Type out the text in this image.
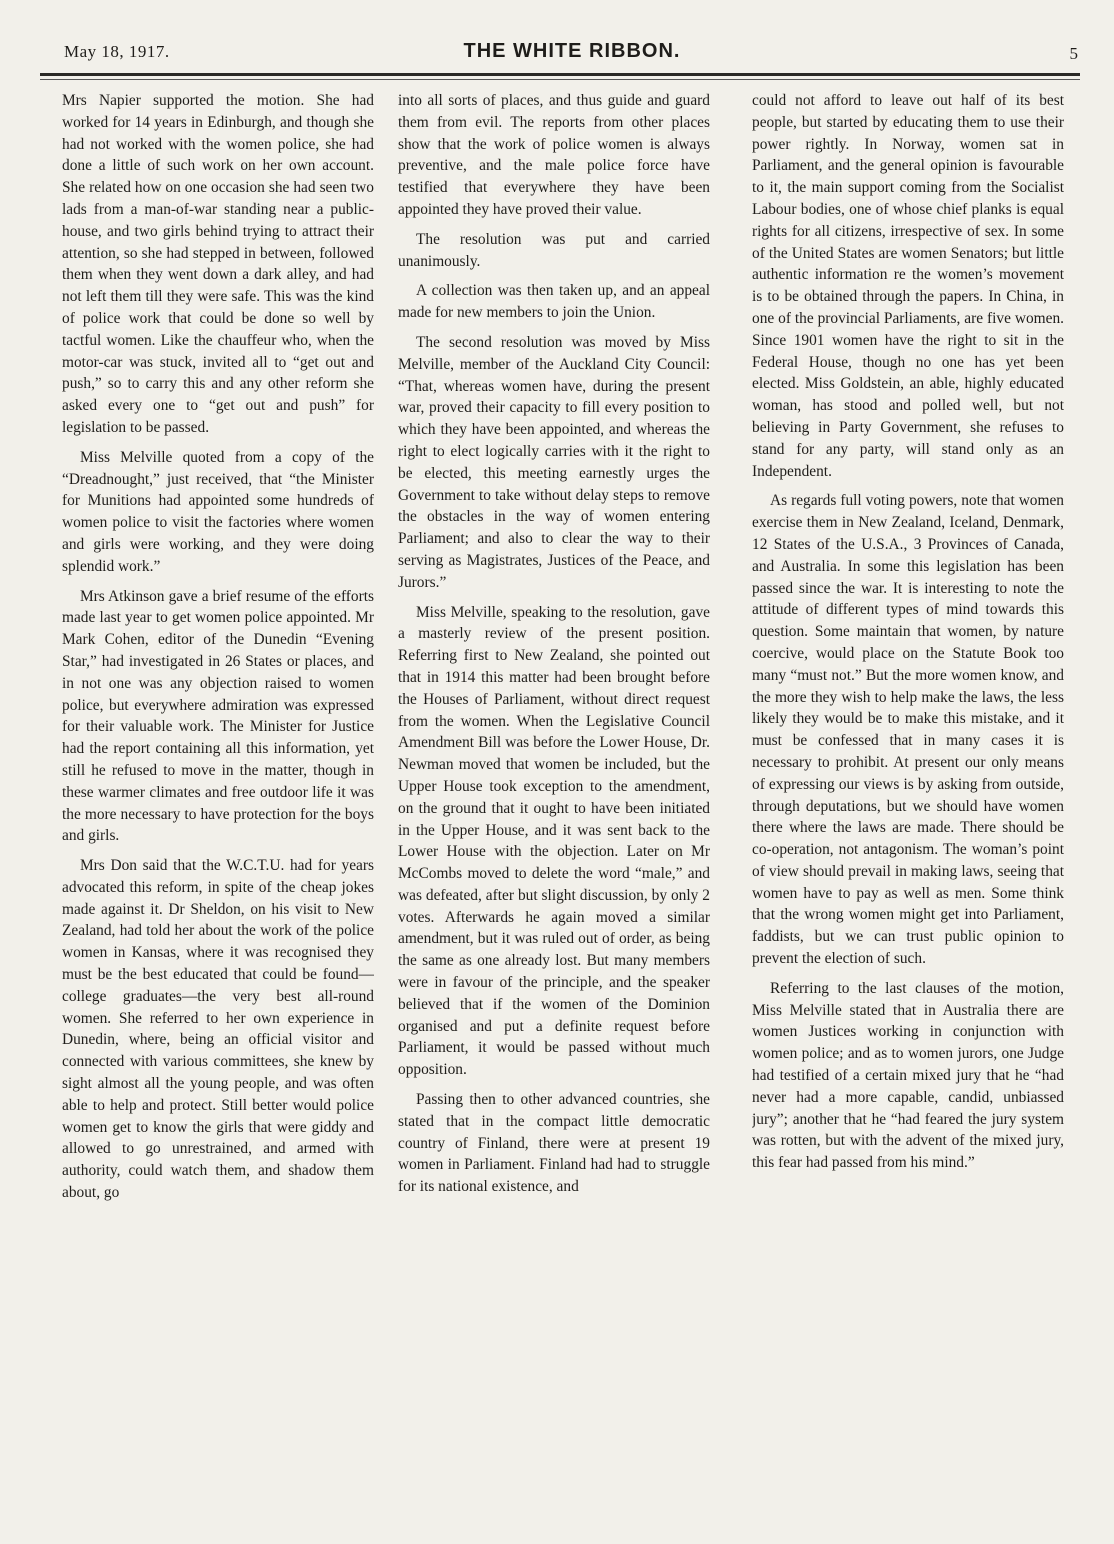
May 18, 1917.	THE WHITE RIBBON.	5

Mrs Napier supported the motion. She had worked for 14 years in Edinburgh, and though she had not worked with the women police, she had done a little of such work on her own account. She related how on one occasion she had seen two lads from a man-of-war standing near a public-house, and two girls behind trying to attract their attention, so she had stepped in between, followed them when they went down a dark alley, and had not left them till they were safe. This was the kind of police work that could be done so well by tactful women. Like the chauffeur who, when the motor-car was stuck, invited all to “get out and push,” so to carry this and any other reform she asked every one to “get out and push” for legislation to be passed.

Miss Melville quoted from a copy of the “Dreadnought,” just received, that “the Minister for Munitions had appointed some hundreds of women police to visit the factories where women and girls were working, and they were doing splendid work.”

Mrs Atkinson gave a brief resume of the efforts made last year to get women police appointed. Mr Mark Cohen, editor of the Dunedin “Evening Star,” had investigated in 26 States or places, and in not one was any objection raised to women police, but everywhere admiration was expressed for their valuable work. The Minister for Justice had the report containing all this information, yet still he refused to move in the matter, though in these warmer climates and free outdoor life it was the more necessary to have protection for the boys and girls.

Mrs Don said that the W.C.T.U. had for years advocated this reform, in spite of the cheap jokes made against it. Dr Sheldon, on his visit to New Zealand, had told her about the work of the police women in Kansas, where it was recognised they must be the best educated that could be found—college graduates—the very best all-round women. She referred to her own experience in Dunedin, where, being an official visitor and connected with various committees, she knew by sight almost all the young people, and was often able to help and protect. Still better would police women get to know the girls that were giddy and allowed to go unrestrained, and armed with authority, could watch them, and shadow them about, go

into all sorts of places, and thus guide and guard them from evil. The reports from other places show that the work of police women is always preventive, and the male police force have testified that everywhere they have been appointed they have proved their value.

The resolution was put and carried unanimously.

A collection was then taken up, and an appeal made for new members to join the Union.

The second resolution was moved by Miss Melville, member of the Auckland City Council: “That, whereas women have, during the present war, proved their capacity to fill every position to which they have been appointed, and whereas the right to elect logically carries with it the right to be elected, this meeting earnestly urges the Government to take without delay steps to remove the obstacles in the way of women entering Parliament; and also to clear the way to their serving as Magistrates, Justices of the Peace, and Jurors.”

Miss Melville, speaking to the resolution, gave a masterly review of the present position. Referring first to New Zealand, she pointed out that in 1914 this matter had been brought before the Houses of Parliament, without direct request from the women. When the Legislative Council Amendment Bill was before the Lower House, Dr. Newman moved that women be included, but the Upper House took exception to the amendment, on the ground that it ought to have been initiated in the Upper House, and it was sent back to the Lower House with the objection. Later on Mr McCombs moved to delete the word “male,” and was defeated, after but slight discussion, by only 2 votes. Afterwards he again moved a similar amendment, but it was ruled out of order, as being the same as one already lost. But many members were in favour of the principle, and the speaker believed that if the women of the Dominion organised and put a definite request before Parliament, it would be passed without much opposition.

Passing then to other advanced countries, she stated that in the compact little democratic country of Finland, there were at present 19 women in Parliament. Finland had had to struggle for its national existence, and

could not afford to leave out half of its best people, but started by educating them to use their power rightly. In Norway, women sat in Parliament, and the general opinion is favourable to it, the main support coming from the Socialist Labour bodies, one of whose chief planks is equal rights for all citizens, irrespective of sex. In some of the United States are women Senators; but little authentic information re the women’s movement is to be obtained through the papers. In China, in one of the provincial Parliaments, are five women. Since 1901 women have the right to sit in the Federal House, though no one has yet been elected. Miss Goldstein, an able, highly educated woman, has stood and polled well, but not believing in Party Government, she refuses to stand for any party, will stand only as an Independent.

As regards full voting powers, note that women exercise them in New Zealand, Iceland, Denmark, 12 States of the U.S.A., 3 Provinces of Canada, and Australia. In some this legislation has been passed since the war. It is interesting to note the attitude of different types of mind towards this question. Some maintain that women, by nature coercive, would place on the Statute Book too many “must not.” But the more women know, and the more they wish to help make the laws, the less likely they would be to make this mistake, and it must be confessed that in many cases it is necessary to prohibit. At present our only means of expressing our views is by asking from outside, through deputations, but we should have women there where the laws are made. There should be co-operation, not antagonism. The woman’s point of view should prevail in making laws, seeing that women have to pay as well as men. Some think that the wrong women might get into Parliament, faddists, but we can trust public opinion to prevent the election of such.

Referring to the last clauses of the motion, Miss Melville stated that in Australia there are women Justices working in conjunction with women police; and as to women jurors, one Judge had testified of a certain mixed jury that he “had never had a more capable, candid, unbiassed jury”; another that he “had feared the jury system was rotten, but with the advent of the mixed jury, this fear had passed from his mind.”
